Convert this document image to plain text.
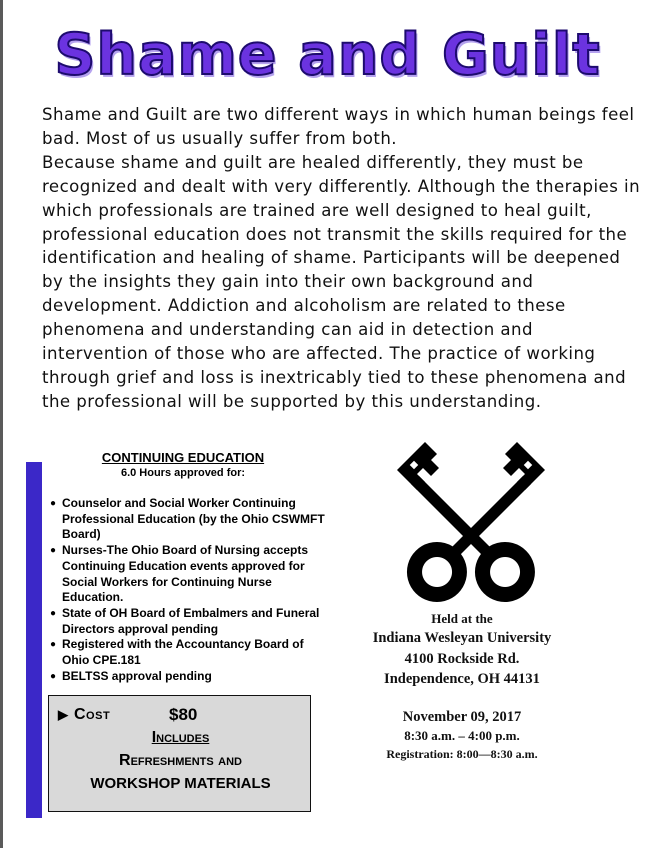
Shame and Guilt

Shame and Guilt are two different ways in which human beings feel bad. Most of us usually suffer from both.

Because shame and guilt are healed differently, they must be recognized and dealt with very differently. Although the therapies in which professionals are trained are well designed to heal guilt, professional education does not transmit the skills required for the identification and healing of shame. Participants will be deepened by the insights they gain into their own background and development. Addiction and alcoholism are related to these phenomena and understanding can aid in detection and intervention of those who are affected. The practice of working through grief and loss is inextricably tied to these phenomena and the professional will be supported by this understanding.

CONTINUING EDUCATION
6.0 Hours approved for:
● Counselor and Social Worker Continuing Professional Education (by the Ohio CSWMFT Board)
● Nurses-The Ohio Board of Nursing accepts Continuing Education events approved for Social Workers for Continuing Nurse Education.
● State of OH Board of Embalmers and Funeral Directors approval pending
● Registered with the Accountancy Board of Ohio CPE.181
● BELTSS approval pending
▶ Cost	$80
Includes
Refreshments and
WORKSHOP MATERIALS
Held at the
Indiana Wesleyan University
4100 Rockside Rd.
Independence, OH 44131
November 09, 2017
8:30 a.m. – 4:00 p.m.
Registration: 8:00—8:30 a.m.
